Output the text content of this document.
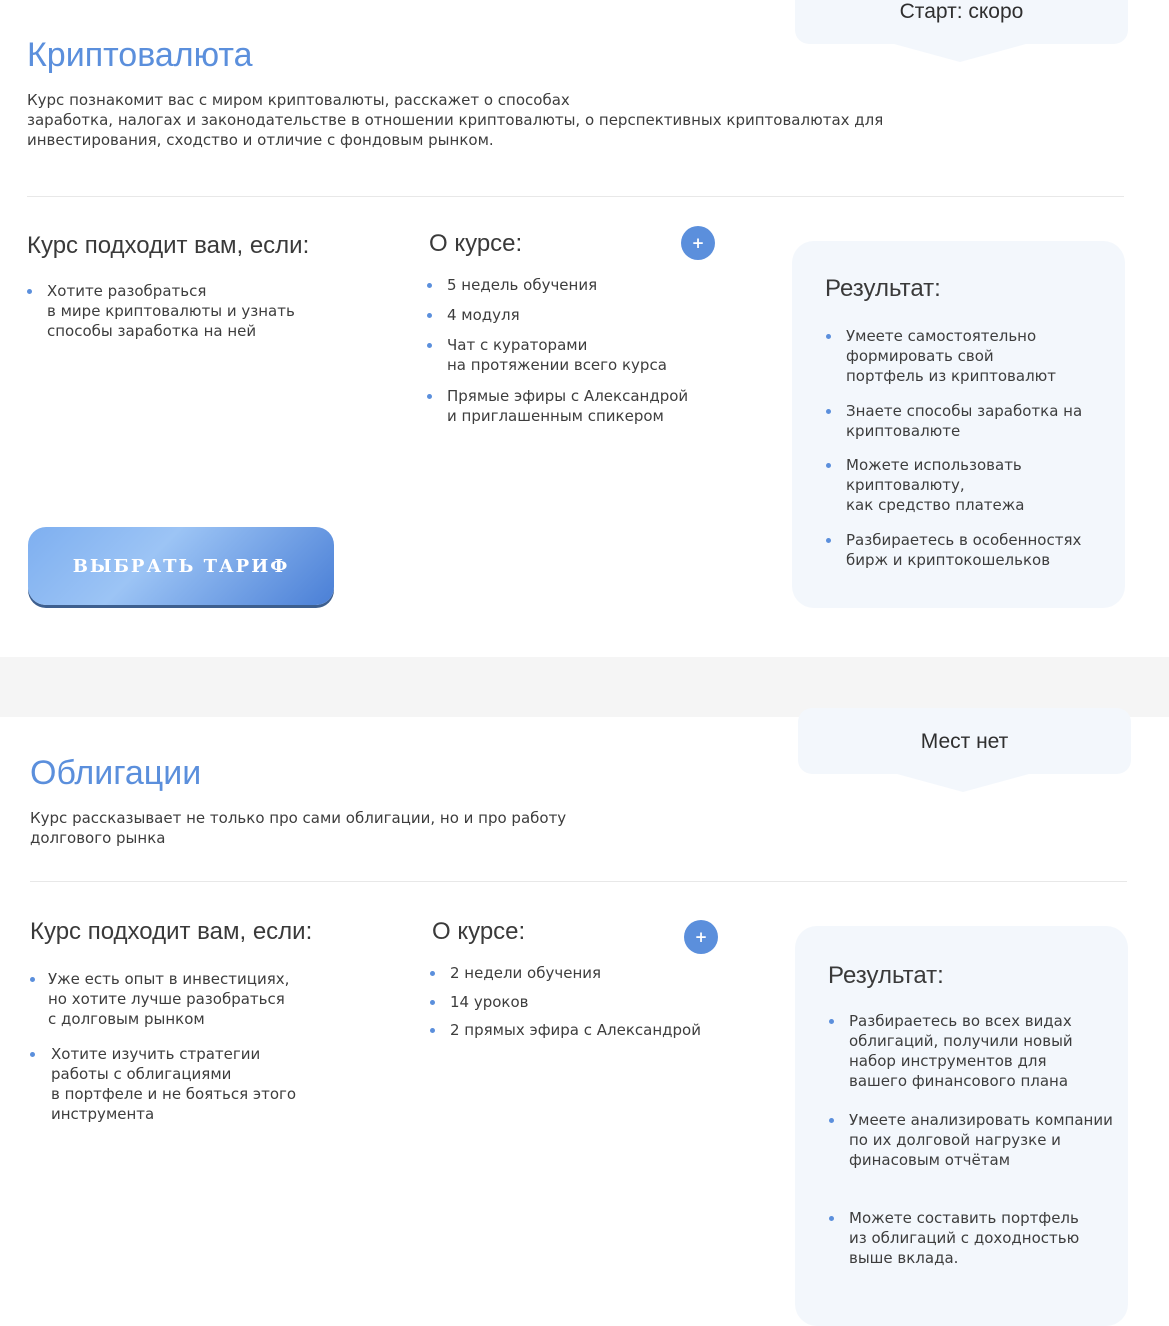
Старт: скоро
Криптовалюта
Курс познакомит вас с миром криптовалюты, расскажет о способах
заработка, налогах и законодательстве в отношении криптовалюты, о перспективных криптовалютах для
инвестирования, сходство и отличие с фондовым рынком.
Курс подходит вам, если:
Хотите разобраться
в мире криптовалюты и узнать
способы заработка на ней
О курсе:	+
5 недель обучения
4 модуля
Чат с кураторами
на протяжении всего курса
Прямые эфиры с Александрой
и приглашенным спикером
Результат:
Умеете самостоятельно
формировать свой
портфель из криптовалют
Знаете способы заработка на
криптовалюте
Можете использовать
криптовалюту,
как средство платежа
Разбираетесь в особенностях
бирж и криптокошельков
ВЫБРАТЬ ТАРИФ
Мест нет
Облигации
Курс рассказывает не только про сами облигации, но и про работу
долгового рынка
Курс подходит вам, если:
Уже есть опыт в инвестициях,
но хотите лучше разобраться
с долговым рынком
Хотите изучить стратегии
работы с облигациями
в портфеле и не бояться этого
инструмента
О курсе:	+
2 недели обучения
14 уроков
2 прямых эфира с Александрой
Результат:
Разбираетесь во всех видах
облигаций, получили новый
набор инструментов для
вашего финансового плана
Умеете анализировать компании
по их долговой нагрузке и
финасовым отчётам
Можете составить портфель
из облигаций с доходностью
выше вклада.
